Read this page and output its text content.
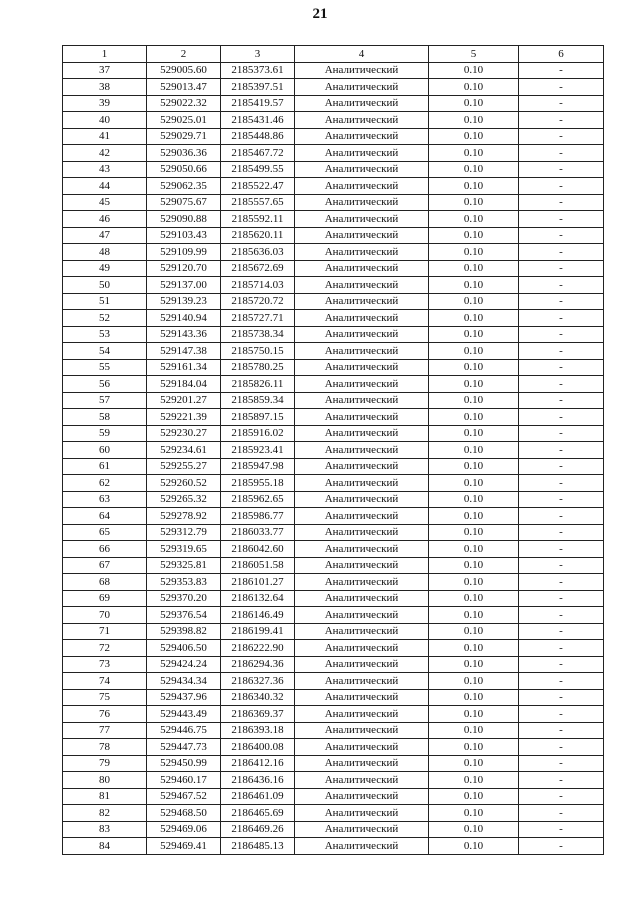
21
1	2	3	4	5	6
37	529005.60	2185373.61	Аналитический	0.10	-
38	529013.47	2185397.51	Аналитический	0.10	-
39	529022.32	2185419.57	Аналитический	0.10	-
40	529025.01	2185431.46	Аналитический	0.10	-
41	529029.71	2185448.86	Аналитический	0.10	-
42	529036.36	2185467.72	Аналитический	0.10	-
43	529050.66	2185499.55	Аналитический	0.10	-
44	529062.35	2185522.47	Аналитический	0.10	-
45	529075.67	2185557.65	Аналитический	0.10	-
46	529090.88	2185592.11	Аналитический	0.10	-
47	529103.43	2185620.11	Аналитический	0.10	-
48	529109.99	2185636.03	Аналитический	0.10	-
49	529120.70	2185672.69	Аналитический	0.10	-
50	529137.00	2185714.03	Аналитический	0.10	-
51	529139.23	2185720.72	Аналитический	0.10	-
52	529140.94	2185727.71	Аналитический	0.10	-
53	529143.36	2185738.34	Аналитический	0.10	-
54	529147.38	2185750.15	Аналитический	0.10	-
55	529161.34	2185780.25	Аналитический	0.10	-
56	529184.04	2185826.11	Аналитический	0.10	-
57	529201.27	2185859.34	Аналитический	0.10	-
58	529221.39	2185897.15	Аналитический	0.10	-
59	529230.27	2185916.02	Аналитический	0.10	-
60	529234.61	2185923.41	Аналитический	0.10	-
61	529255.27	2185947.98	Аналитический	0.10	-
62	529260.52	2185955.18	Аналитический	0.10	-
63	529265.32	2185962.65	Аналитический	0.10	-
64	529278.92	2185986.77	Аналитический	0.10	-
65	529312.79	2186033.77	Аналитический	0.10	-
66	529319.65	2186042.60	Аналитический	0.10	-
67	529325.81	2186051.58	Аналитический	0.10	-
68	529353.83	2186101.27	Аналитический	0.10	-
69	529370.20	2186132.64	Аналитический	0.10	-
70	529376.54	2186146.49	Аналитический	0.10	-
71	529398.82	2186199.41	Аналитический	0.10	-
72	529406.50	2186222.90	Аналитический	0.10	-
73	529424.24	2186294.36	Аналитический	0.10	-
74	529434.34	2186327.36	Аналитический	0.10	-
75	529437.96	2186340.32	Аналитический	0.10	-
76	529443.49	2186369.37	Аналитический	0.10	-
77	529446.75	2186393.18	Аналитический	0.10	-
78	529447.73	2186400.08	Аналитический	0.10	-
79	529450.99	2186412.16	Аналитический	0.10	-
80	529460.17	2186436.16	Аналитический	0.10	-
81	529467.52	2186461.09	Аналитический	0.10	-
82	529468.50	2186465.69	Аналитический	0.10	-
83	529469.06	2186469.26	Аналитический	0.10	-
84	529469.41	2186485.13	Аналитический	0.10	-
